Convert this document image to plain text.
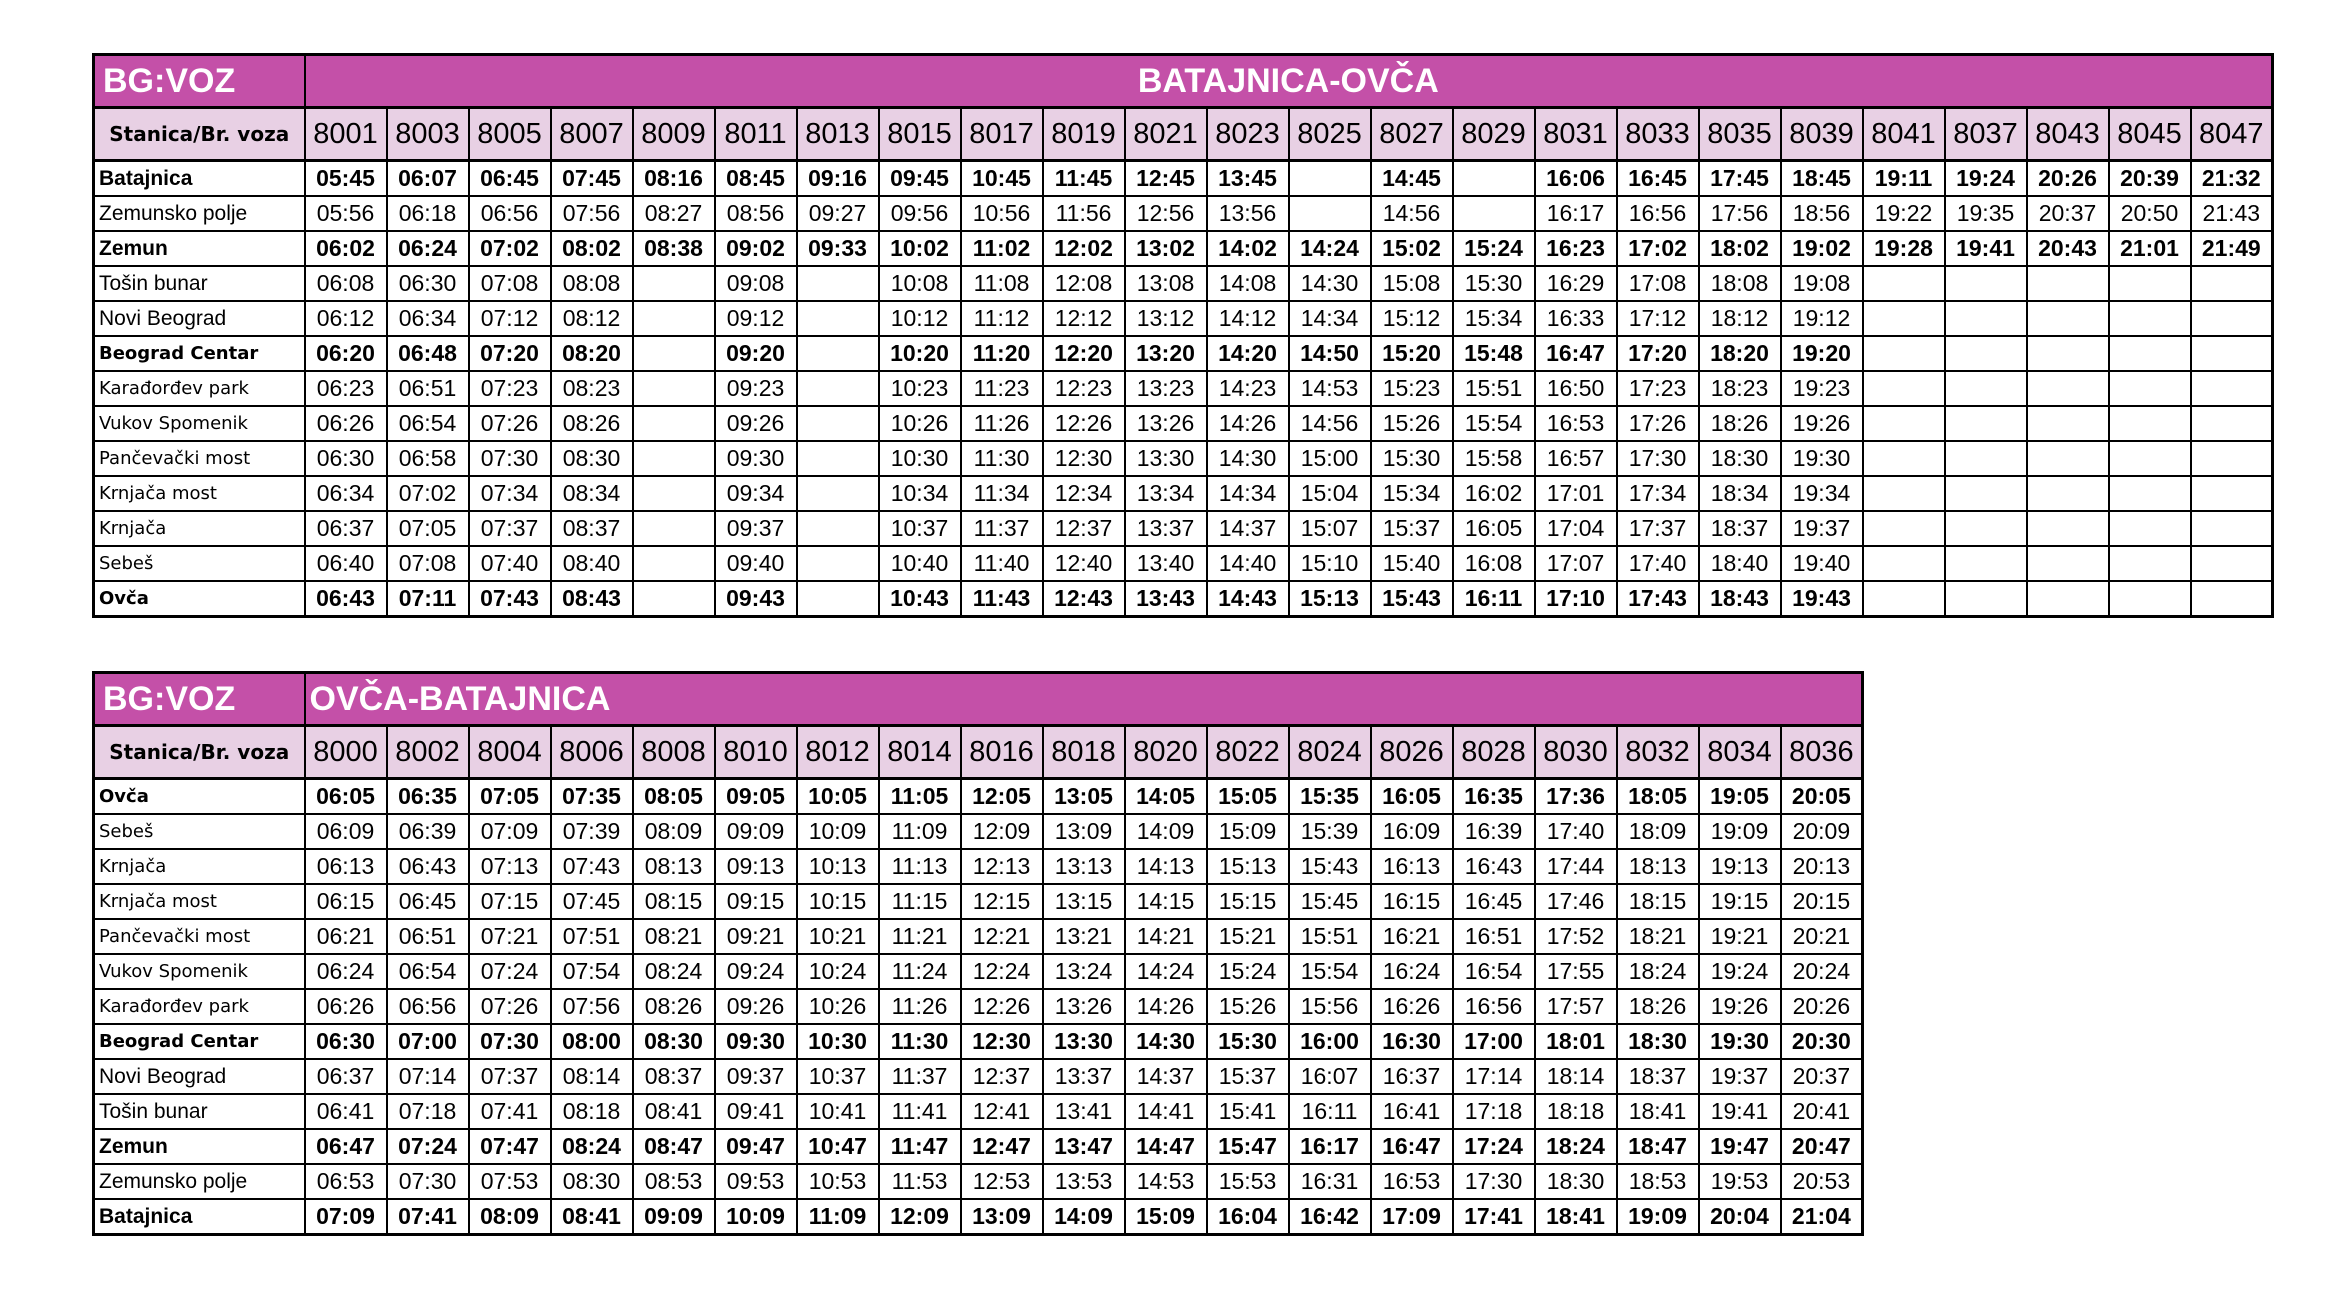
BG:VOZ	BATAJNICA-OVČA																							
Stanica/Br. voza	8001	8003	8005	8007	8009	8011	8013	8015	8017	8019	8021	8023	8025	8027	8029	8031	8033	8035	8039	8041	8037	8043	8045	8047
Batajnica	05:45	06:07	06:45	07:45	08:16	08:45	09:16	09:45	10:45	11:45	12:45	13:45		14:45		16:06	16:45	17:45	18:45	19:11	19:24	20:26	20:39	21:32
Zemunsko polje	05:56	06:18	06:56	07:56	08:27	08:56	09:27	09:56	10:56	11:56	12:56	13:56		14:56		16:17	16:56	17:56	18:56	19:22	19:35	20:37	20:50	21:43
Zemun	06:02	06:24	07:02	08:02	08:38	09:02	09:33	10:02	11:02	12:02	13:02	14:02	14:24	15:02	15:24	16:23	17:02	18:02	19:02	19:28	19:41	20:43	21:01	21:49
Tošin bunar	06:08	06:30	07:08	08:08		09:08		10:08	11:08	12:08	13:08	14:08	14:30	15:08	15:30	16:29	17:08	18:08	19:08					
Novi Beograd	06:12	06:34	07:12	08:12		09:12		10:12	11:12	12:12	13:12	14:12	14:34	15:12	15:34	16:33	17:12	18:12	19:12					
Beograd Centar	06:20	06:48	07:20	08:20		09:20		10:20	11:20	12:20	13:20	14:20	14:50	15:20	15:48	16:47	17:20	18:20	19:20					
Karađorđev park	06:23	06:51	07:23	08:23		09:23		10:23	11:23	12:23	13:23	14:23	14:53	15:23	15:51	16:50	17:23	18:23	19:23					
Vukov Spomenik	06:26	06:54	07:26	08:26		09:26		10:26	11:26	12:26	13:26	14:26	14:56	15:26	15:54	16:53	17:26	18:26	19:26					
Pančevački most	06:30	06:58	07:30	08:30		09:30		10:30	11:30	12:30	13:30	14:30	15:00	15:30	15:58	16:57	17:30	18:30	19:30					
Krnjača most	06:34	07:02	07:34	08:34		09:34		10:34	11:34	12:34	13:34	14:34	15:04	15:34	16:02	17:01	17:34	18:34	19:34					
Krnjača	06:37	07:05	07:37	08:37		09:37		10:37	11:37	12:37	13:37	14:37	15:07	15:37	16:05	17:04	17:37	18:37	19:37					
Sebeš	06:40	07:08	07:40	08:40		09:40		10:40	11:40	12:40	13:40	14:40	15:10	15:40	16:08	17:07	17:40	18:40	19:40					
Ovča	06:43	07:11	07:43	08:43		09:43		10:43	11:43	12:43	13:43	14:43	15:13	15:43	16:11	17:10	17:43	18:43	19:43					
BG:VOZ	OVČA-BATAJNICA																		
Stanica/Br. voza	8000	8002	8004	8006	8008	8010	8012	8014	8016	8018	8020	8022	8024	8026	8028	8030	8032	8034	8036
Ovča	06:05	06:35	07:05	07:35	08:05	09:05	10:05	11:05	12:05	13:05	14:05	15:05	15:35	16:05	16:35	17:36	18:05	19:05	20:05
Sebeš	06:09	06:39	07:09	07:39	08:09	09:09	10:09	11:09	12:09	13:09	14:09	15:09	15:39	16:09	16:39	17:40	18:09	19:09	20:09
Krnjača	06:13	06:43	07:13	07:43	08:13	09:13	10:13	11:13	12:13	13:13	14:13	15:13	15:43	16:13	16:43	17:44	18:13	19:13	20:13
Krnjača most	06:15	06:45	07:15	07:45	08:15	09:15	10:15	11:15	12:15	13:15	14:15	15:15	15:45	16:15	16:45	17:46	18:15	19:15	20:15
Pančevački most	06:21	06:51	07:21	07:51	08:21	09:21	10:21	11:21	12:21	13:21	14:21	15:21	15:51	16:21	16:51	17:52	18:21	19:21	20:21
Vukov Spomenik	06:24	06:54	07:24	07:54	08:24	09:24	10:24	11:24	12:24	13:24	14:24	15:24	15:54	16:24	16:54	17:55	18:24	19:24	20:24
Karađorđev park	06:26	06:56	07:26	07:56	08:26	09:26	10:26	11:26	12:26	13:26	14:26	15:26	15:56	16:26	16:56	17:57	18:26	19:26	20:26
Beograd Centar	06:30	07:00	07:30	08:00	08:30	09:30	10:30	11:30	12:30	13:30	14:30	15:30	16:00	16:30	17:00	18:01	18:30	19:30	20:30
Novi Beograd	06:37	07:14	07:37	08:14	08:37	09:37	10:37	11:37	12:37	13:37	14:37	15:37	16:07	16:37	17:14	18:14	18:37	19:37	20:37
Tošin bunar	06:41	07:18	07:41	08:18	08:41	09:41	10:41	11:41	12:41	13:41	14:41	15:41	16:11	16:41	17:18	18:18	18:41	19:41	20:41
Zemun	06:47	07:24	07:47	08:24	08:47	09:47	10:47	11:47	12:47	13:47	14:47	15:47	16:17	16:47	17:24	18:24	18:47	19:47	20:47
Zemunsko polje	06:53	07:30	07:53	08:30	08:53	09:53	10:53	11:53	12:53	13:53	14:53	15:53	16:31	16:53	17:30	18:30	18:53	19:53	20:53
Batajnica	07:09	07:41	08:09	08:41	09:09	10:09	11:09	12:09	13:09	14:09	15:09	16:04	16:42	17:09	17:41	18:41	19:09	20:04	21:04
